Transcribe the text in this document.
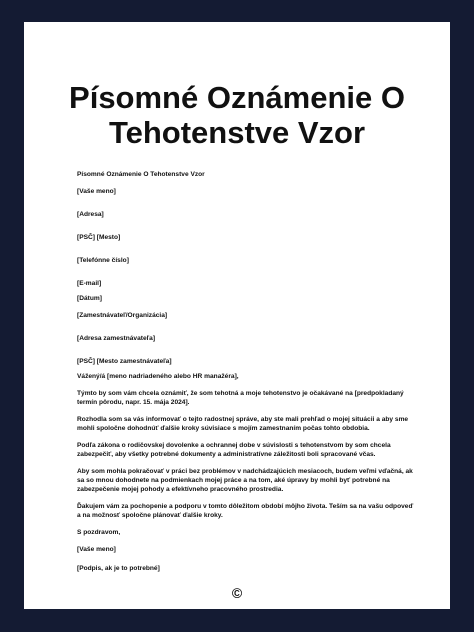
Písomné Oznámenie O
Tehotenstve Vzor

Písomné Oznámenie O Tehotenstve Vzor

[Vaše meno]

[Adresa]

[PSČ] [Mesto]

[Telefónne číslo]

[E-mail]

[Dátum]

[Zamestnávateľ/Organizácia]

[Adresa zamestnávateľa]

[PSČ] [Mesto zamestnávateľa]

Vážený/á [meno nadriadeného alebo HR manažéra],

Týmto by som vám chcela oznámiť, že som tehotná a moje tehotenstvo je očakávané na [predpokladaný termín pôrodu, napr. 15. mája 2024].

Rozhodla som sa vás informovať o tejto radostnej správe, aby ste mali prehľad o mojej situácii a aby sme mohli spoločne dohodnúť ďalšie kroky súvisiace s mojím zamestnaním počas tohto obdobia.

Podľa zákona o rodičovskej dovolenke a ochrannej dobe v súvislosti s tehotenstvom by som chcela zabezpečiť, aby všetky potrebné dokumenty a administratívne záležitosti boli spracované včas.

Aby som mohla pokračovať v práci bez problémov v nadchádzajúcich mesiacoch, budem veľmi vďačná, ak sa so mnou dohodnete na podmienkach mojej práce a na tom, aké úpravy by mohli byť potrebné na zabezpečenie mojej pohody a efektívneho pracovného prostredia.

Ďakujem vám za pochopenie a podporu v tomto dôležitom období môjho života. Teším sa na vašu odpoveď a na možnosť spoločne plánovať ďalšie kroky.

S pozdravom,

[Vaše meno]

[Podpis, ak je to potrebné]

©
